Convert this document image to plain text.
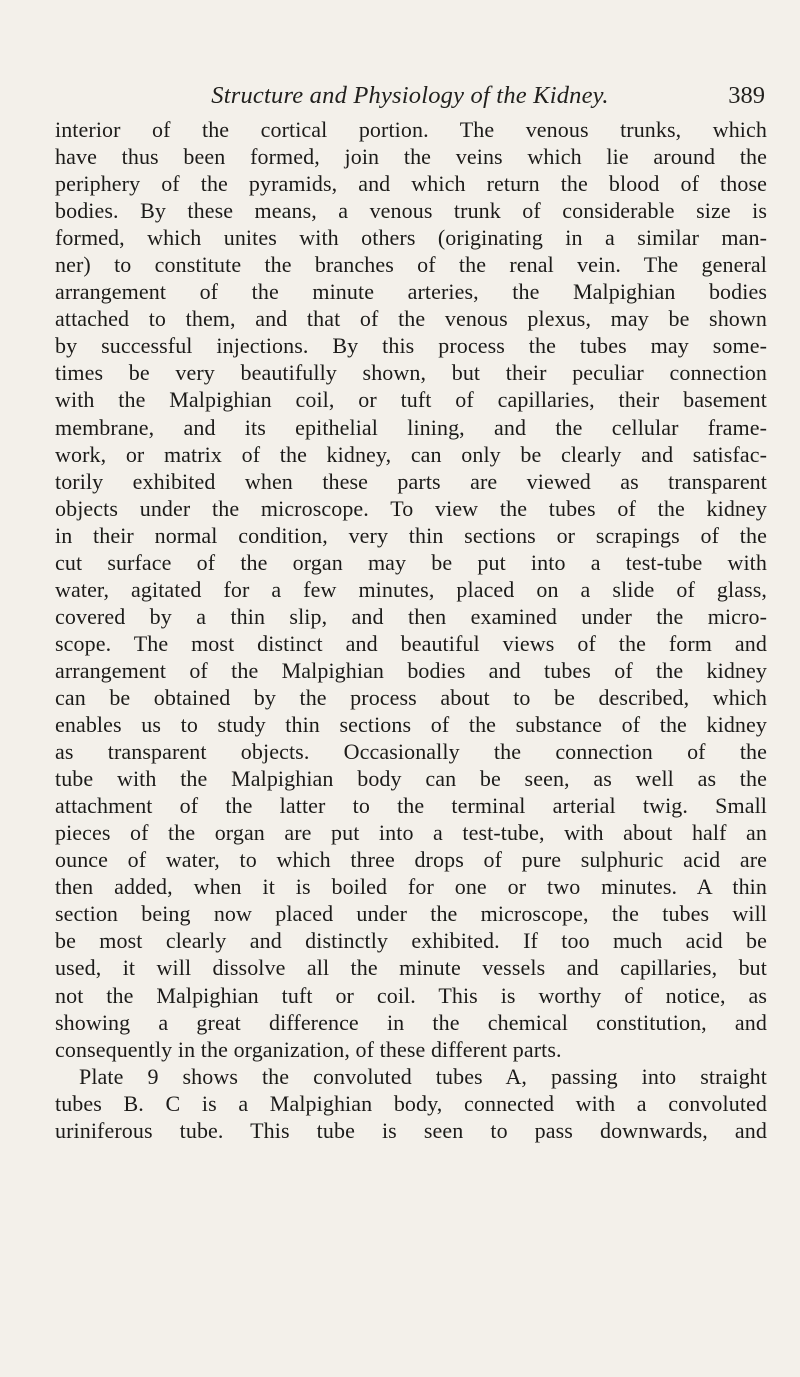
Structure and Physiology of the Kidney.	389
interior of the cortical portion. The venous trunks, which
have thus been formed, join the veins which lie around the
periphery of the pyramids, and which return the blood of those
bodies. By these means, a venous trunk of considerable size is
formed, which unites with others (originating in a similar man-
ner) to constitute the branches of the renal vein. The general
arrangement of the minute arteries, the Malpighian bodies
attached to them, and that of the venous plexus, may be shown
by successful injections. By this process the tubes may some-
times be very beautifully shown, but their peculiar connection
with the Malpighian coil, or tuft of capillaries, their basement
membrane, and its epithelial lining, and the cellular frame-
work, or matrix of the kidney, can only be clearly and satisfac-
torily exhibited when these parts are viewed as transparent
objects under the microscope. To view the tubes of the kidney
in their normal condition, very thin sections or scrapings of the
cut surface of the organ may be put into a test-tube with
water, agitated for a few minutes, placed on a slide of glass,
covered by a thin slip, and then examined under the micro-
scope. The most distinct and beautiful views of the form and
arrangement of the Malpighian bodies and tubes of the kidney
can be obtained by the process about to be described, which
enables us to study thin sections of the substance of the kidney
as transparent objects. Occasionally the connection of the
tube with the Malpighian body can be seen, as well as the
attachment of the latter to the terminal arterial twig. Small
pieces of the organ are put into a test-tube, with about half an
ounce of water, to which three drops of pure sulphuric acid are
then added, when it is boiled for one or two minutes. A thin
section being now placed under the microscope, the tubes will
be most clearly and distinctly exhibited. If too much acid be
used, it will dissolve all the minute vessels and capillaries, but
not the Malpighian tuft or coil. This is worthy of notice, as
showing a great difference in the chemical constitution, and
consequently in the organization, of these different parts.
Plate 9 shows the convoluted tubes A, passing into straight
tubes B. C is a Malpighian body, connected with a convoluted
uriniferous tube. This tube is seen to pass downwards, and
